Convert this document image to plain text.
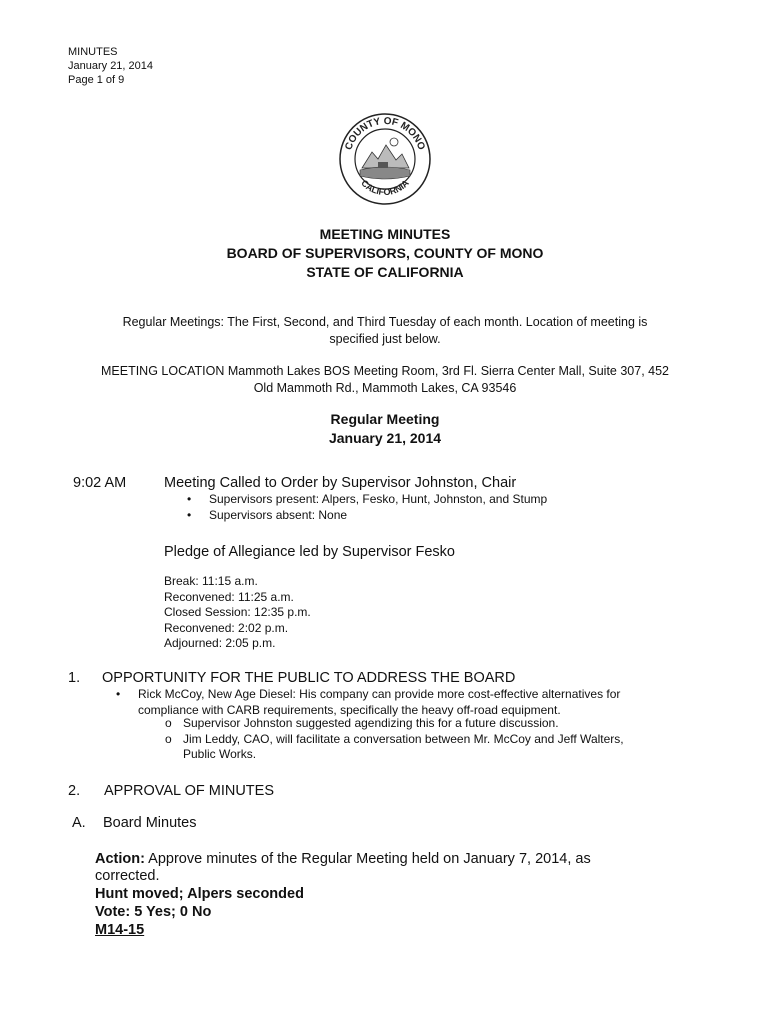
MINUTES
January 21, 2014
Page 1 of 9
COUNTY OF MONO
CALIFORNIA
MEETING MINUTES
BOARD OF SUPERVISORS, COUNTY OF MONO
STATE OF CALIFORNIA
Regular Meetings: The First, Second, and Third Tuesday of each month. Location of meeting is
specified just below.
MEETING LOCATION Mammoth Lakes BOS Meeting Room, 3rd Fl. Sierra Center Mall, Suite 307, 452
Old Mammoth Rd., Mammoth Lakes, CA 93546
Regular Meeting
January 21, 2014
9:02 AM	Meeting Called to Order by Supervisor Johnston, Chair
• Supervisors present: Alpers, Fesko, Hunt, Johnston, and Stump
• Supervisors absent: None
Pledge of Allegiance led by Supervisor Fesko
Break: 11:15 a.m.
Reconvened: 11:25 a.m.
Closed Session: 12:35 p.m.
Reconvened: 2:02 p.m.
Adjourned: 2:05 p.m.
1. OPPORTUNITY FOR THE PUBLIC TO ADDRESS THE BOARD
• Rick McCoy, New Age Diesel: His company can provide more cost-effective alternatives for
compliance with CARB requirements, specifically the heavy off-road equipment.
o Supervisor Johnston suggested agendizing this for a future discussion.
o Jim Leddy, CAO, will facilitate a conversation between Mr. McCoy and Jeff Walters,
Public Works.
2. APPROVAL OF MINUTES
A. Board Minutes
Action: Approve minutes of the Regular Meeting held on January 7, 2014, as
corrected.
Hunt moved; Alpers seconded
Vote: 5 Yes; 0 No
M14-15
